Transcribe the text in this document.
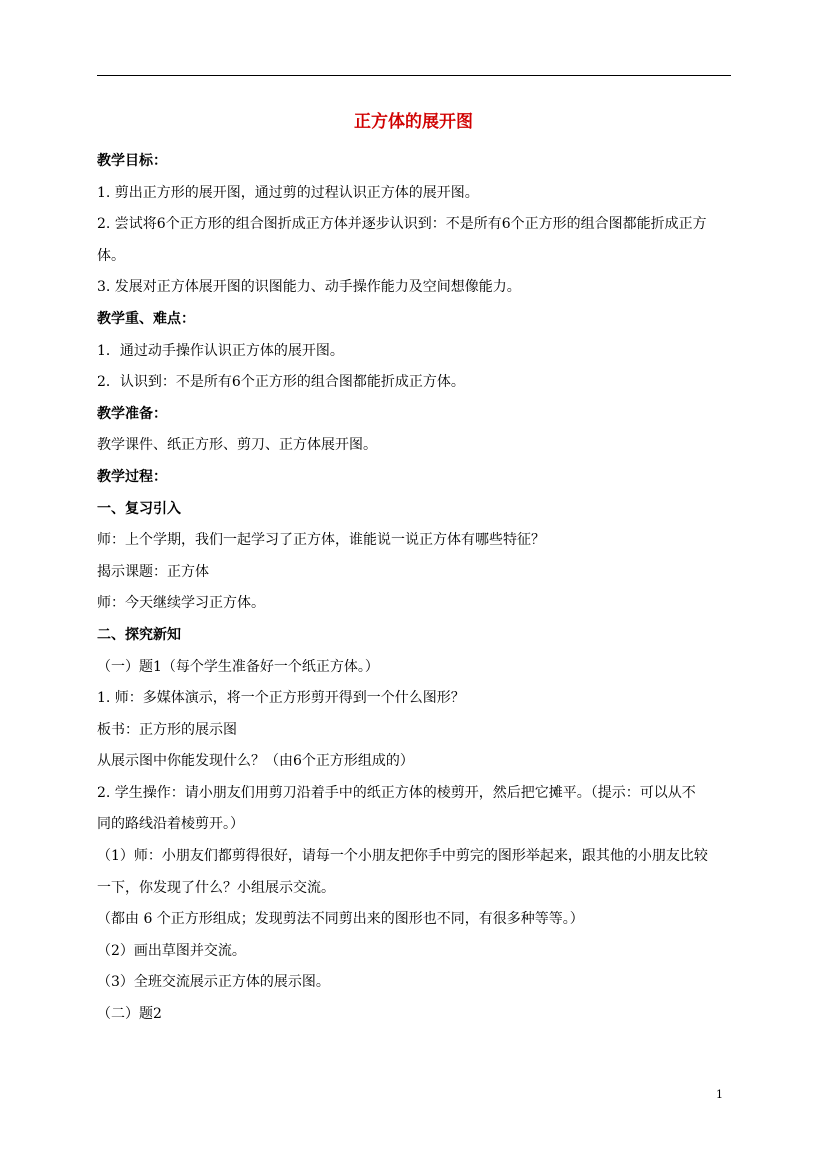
正方体的展开图
教学目标：
1. 剪出正方形的展开图，通过剪的过程认识正方体的展开图。
2. 尝试将6个正方形的组合图折成正方体并逐步认识到：不是所有6个正方形的组合图都能折成正方
体。
3. 发展对正方体展开图的识图能力、动手操作能力及空间想像能力。
教学重、难点：
1．通过动手操作认识正方体的展开图。
2．认识到：不是所有6个正方形的组合图都能折成正方体。
教学准备：
教学课件、纸正方形、剪刀、正方体展开图。
教学过程：
一、复习引入
师：上个学期，我们一起学习了正方体，谁能说一说正方体有哪些特征？
揭示课题：正方体
师：今天继续学习正方体。
二、探究新知
（一）题1（每个学生准备好一个纸正方体。）
1. 师：多媒体演示，将一个正方形剪开得到一个什么图形？
板书：正方形的展示图
从展示图中你能发现什么？（由6个正方形组成的）
2. 学生操作：请小朋友们用剪刀沿着手中的纸正方体的棱剪开，然后把它摊平。（提示：可以从不
同的路线沿着棱剪开。）
（1）师：小朋友们都剪得很好，请每一个小朋友把你手中剪完的图形举起来，跟其他的小朋友比较
一下，你发现了什么？小组展示交流。
（都由 6 个正方形组成；发现剪法不同剪出来的图形也不同，有很多种等等。）
（2）画出草图并交流。
（3）全班交流展示正方体的展示图。
（二）题2
1
